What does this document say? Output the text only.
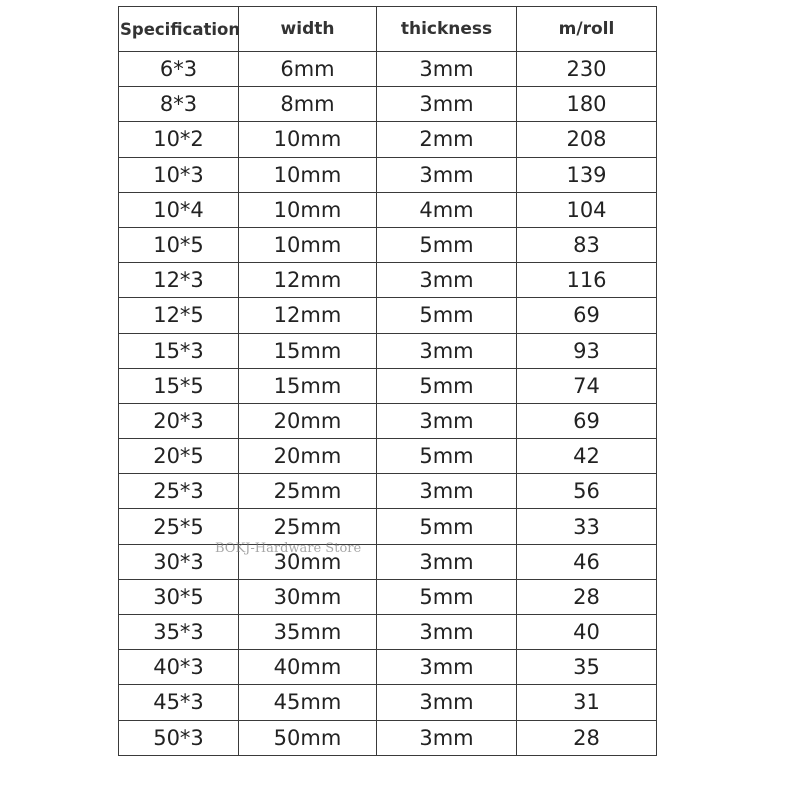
Specification	width	thickness	m/roll
6*3	6mm	3mm	230
8*3	8mm	3mm	180
10*2	10mm	2mm	208
10*3	10mm	3mm	139
10*4	10mm	4mm	104
10*5	10mm	5mm	83
12*3	12mm	3mm	116
12*5	12mm	5mm	69
15*3	15mm	3mm	93
15*5	15mm	5mm	74
20*3	20mm	3mm	69
20*5	20mm	5mm	42
25*3	25mm	3mm	56
25*5	25mm	5mm	33
30*3	30mm	3mm	46
30*5	30mm	5mm	28
35*3	35mm	3mm	40
40*3	40mm	3mm	35
45*3	45mm	3mm	31
50*3	50mm	3mm	28
BOKJ-Hardware Store
